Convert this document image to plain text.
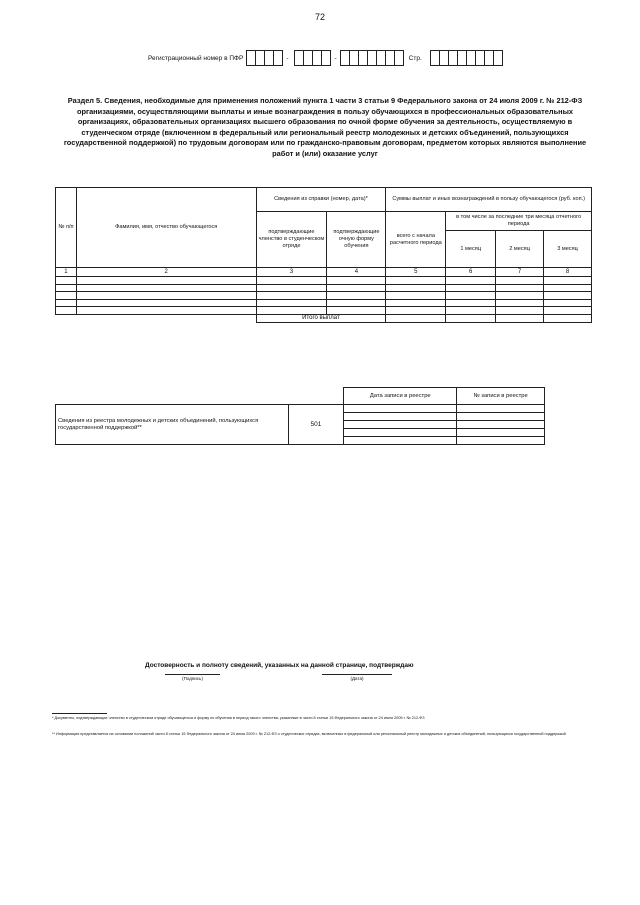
72
Регистрационный номер в ПФР	-	-	Стр.
Раздел 5. Сведения, необходимые для применения положений пункта 1 части 3 статьи 9 Федерального закона от 24 июля 2009 г. № 212-ФЗ организациями, осуществляющими выплаты и иные вознаграждения в пользу обучающихся в профессиональных образовательных организациях, образовательных организациях высшего образования по очной форме обучения за деятельность, осуществляемую в студенческом отряде (включенном в федеральный или региональный реестр молодежных и детских объединений, пользующихся государственной поддержкой) по трудовым договорам или по гражданско-правовым договорам, предметом которых являются выполнение работ и (или) оказание услуг
№ п/п	Фамилия, имя, отчество обучающегося	Сведения из справки (номер, дата)*		Суммы выплат и иных вознаграждений в пользу обучающегося (руб. коп.)			
		подтверждающие членство в студенческом отряде	подтверждающие очную форму обучения	всего с начала расчетного периода	в том числе за последние три месяца отчетного периода		
					1 месяц	2 месяц	3 месяц
1	2	3	4	5	6	7	8

		Итого выплат					
		Дата записи в реестре	№ записи в реестре
Сведения из реестра молодежных и детских объединений, пользующихся государственной поддержкой**	501		

Достоверность и полноту сведений, указанных на данной странице, подтверждаю
(Подпись)	(Дата)
* Документы, подтверждающие членство в студенческом отряде обучающегося и форму их обучения в период такого членства, указанные в части 8 статьи 15 Федерального закона от 24 июля 2009 г. № 212-ФЗ
** Информация представляется на основании положений части 8 статьи 15 Федерального закона от 24 июля 2009 г. № 212-ФЗ о студенческих отрядах, включенных в федеральный или региональный реестр молодежных и детских объединений, пользующихся государственной поддержкой
